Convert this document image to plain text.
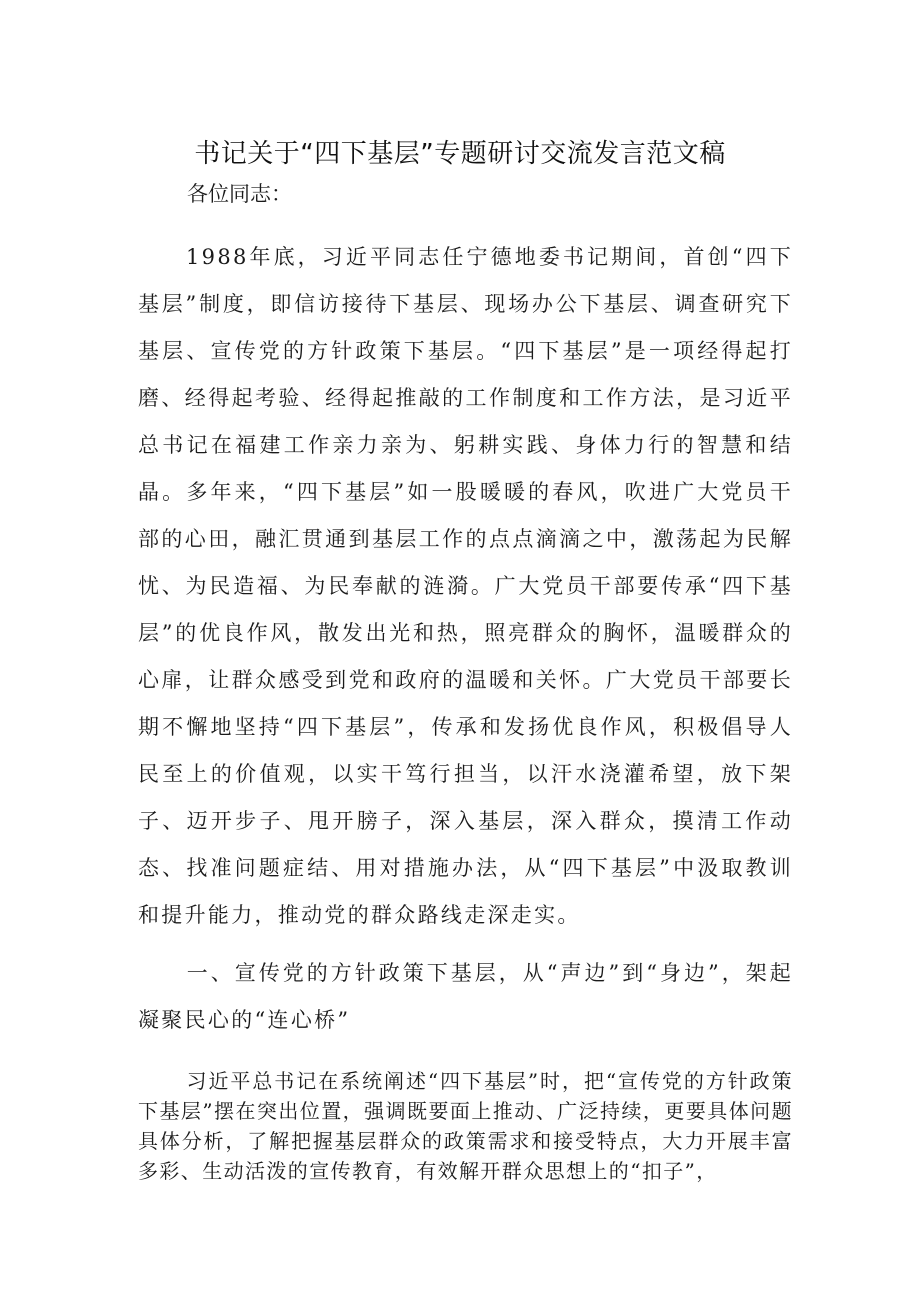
书记关于“四下基层”专题研讨交流发言范文稿

各位同志：

1988年底，习近平同志任宁德地委书记期间，首创“四下基层”制度，即信访接待下基层、现场办公下基层、调查研究下基层、宣传党的方针政策下基层。“四下基层”是一项经得起打磨、经得起考验、经得起推敲的工作制度和工作方法，是习近平总书记在福建工作亲力亲为、躬耕实践、身体力行的智慧和结晶。多年来，“四下基层”如一股暖暖的春风，吹进广大党员干部的心田，融汇贯通到基层工作的点点滴滴之中，激荡起为民解忧、为民造福、为民奉献的涟漪。广大党员干部要传承“四下基层”的优良作风，散发出光和热，照亮群众的胸怀，温暖群众的心扉，让群众感受到党和政府的温暖和关怀。广大党员干部要长期不懈地坚持“四下基层”，传承和发扬优良作风，积极倡导人民至上的价值观，以实干笃行担当，以汗水浇灌希望，放下架子、迈开步子、甩开膀子，深入基层，深入群众，摸清工作动态、找准问题症结、用对措施办法，从“四下基层”中汲取教训和提升能力，推动党的群众路线走深走实。

一、宣传党的方针政策下基层，从“声边”到“身边”，架起凝聚民心的“连心桥”

习近平总书记在系统阐述“四下基层”时，把“宣传党的方针政策下基层”摆在突出位置，强调既要面上推动、广泛持续，更要具体问题具体分析，了解把握基层群众的政策需求和接受特点，大力开展丰富多彩、生动活泼的宣传教育，有效解开群众思想上的“扣子”，
